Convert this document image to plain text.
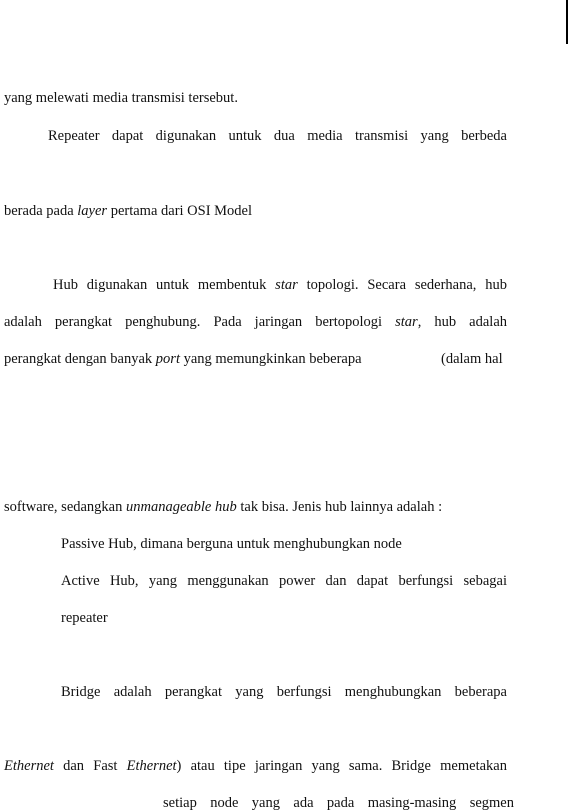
yang melewati media transmisi tersebut.
Repeater dapat digunakan untuk dua media transmisi yang berbeda
berada pada layer pertama dari OSI Model
Hub digunakan untuk membentuk star topologi. Secara sederhana, hub
adalah perangkat penghubung. Pada jaringan bertopologi star, hub adalah
perangkat dengan banyak port yang memungkinkan beberapa	(dalam hal
software, sedangkan unmanageable hub tak bisa. Jenis hub lainnya adalah :
Passive Hub, dimana berguna untuk menghubungkan node
Active Hub, yang menggunakan power dan dapat berfungsi sebagai
repeater
Bridge adalah perangkat yang berfungsi menghubungkan beberapa
Ethernet dan Fast Ethernet) atau tipe jaringan yang sama. Bridge memetakan
setiap node yang ada pada masing-masing segmen
